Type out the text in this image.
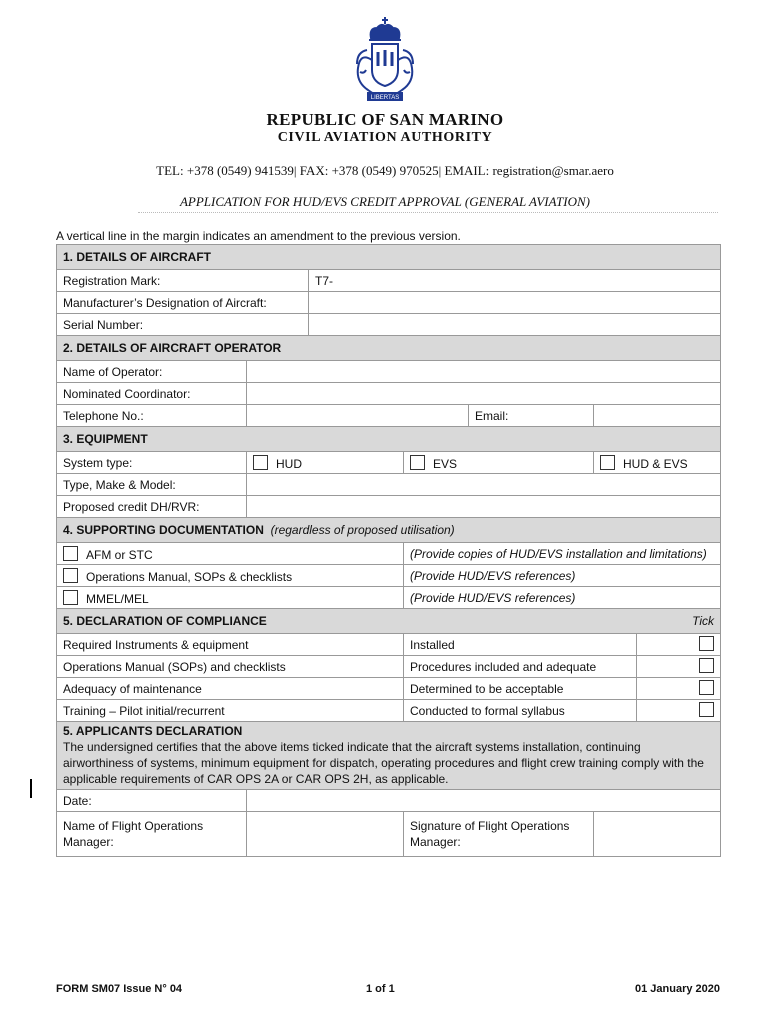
LIBERTAS
REPUBLIC OF SAN MARINO
CIVIL AVIATION AUTHORITY
TEL: +378 (0549) 941539| FAX: +378 (0549) 970525| EMAIL: registration@smar.aero
APPLICATION FOR HUD/EVS CREDIT APPROVAL (GENERAL AVIATION)
A vertical line in the margin indicates an amendment to the previous version.
1. DETAILS OF AIRCRAFT						
Registration Mark:		T7-				
Manufacturer’s Designation of Aircraft:						
Serial Number:						
2. DETAILS OF AIRCRAFT OPERATOR						
Name of Operator:						
Nominated Coordinator:						
Telephone No.:				Email:		
3. EQUIPMENT						
System type:	HUD		EVS		HUD & EVS	
Type, Make & Model:						
Proposed credit DH/RVR:						
4. SUPPORTING DOCUMENTATION (regardless of proposed utilisation)						
AFM or STC			(Provide copies of HUD/EVS installation and limitations)			
Operations Manual, SOPs & checklists			(Provide HUD/EVS references)			
MMEL/MEL			(Provide HUD/EVS references)			
5. DECLARATION OF COMPLIANCE Tick						

Required Instruments & equipment			Installed			
Operations Manual (SOPs) and checklists			Procedures included and adequate			
Adequacy of maintenance			Determined to be acceptable			
Training – Pilot initial/recurrent			Conducted to formal syllabus			

5. APPLICANTS DECLARATION
The undersigned certifies that the above items ticked indicate that the aircraft systems installation, continuing airworthiness of systems, minimum equipment for dispatch, operating procedures and flight crew training comply with the applicable requirements of CAR OPS 2A or CAR OPS 2H, as applicable.						
Date:						
Name of Flight Operations Manager:			Signature of Flight Operations Manager:			
FORM SM07 Issue N° 04	1 of 1	01 January 2020
